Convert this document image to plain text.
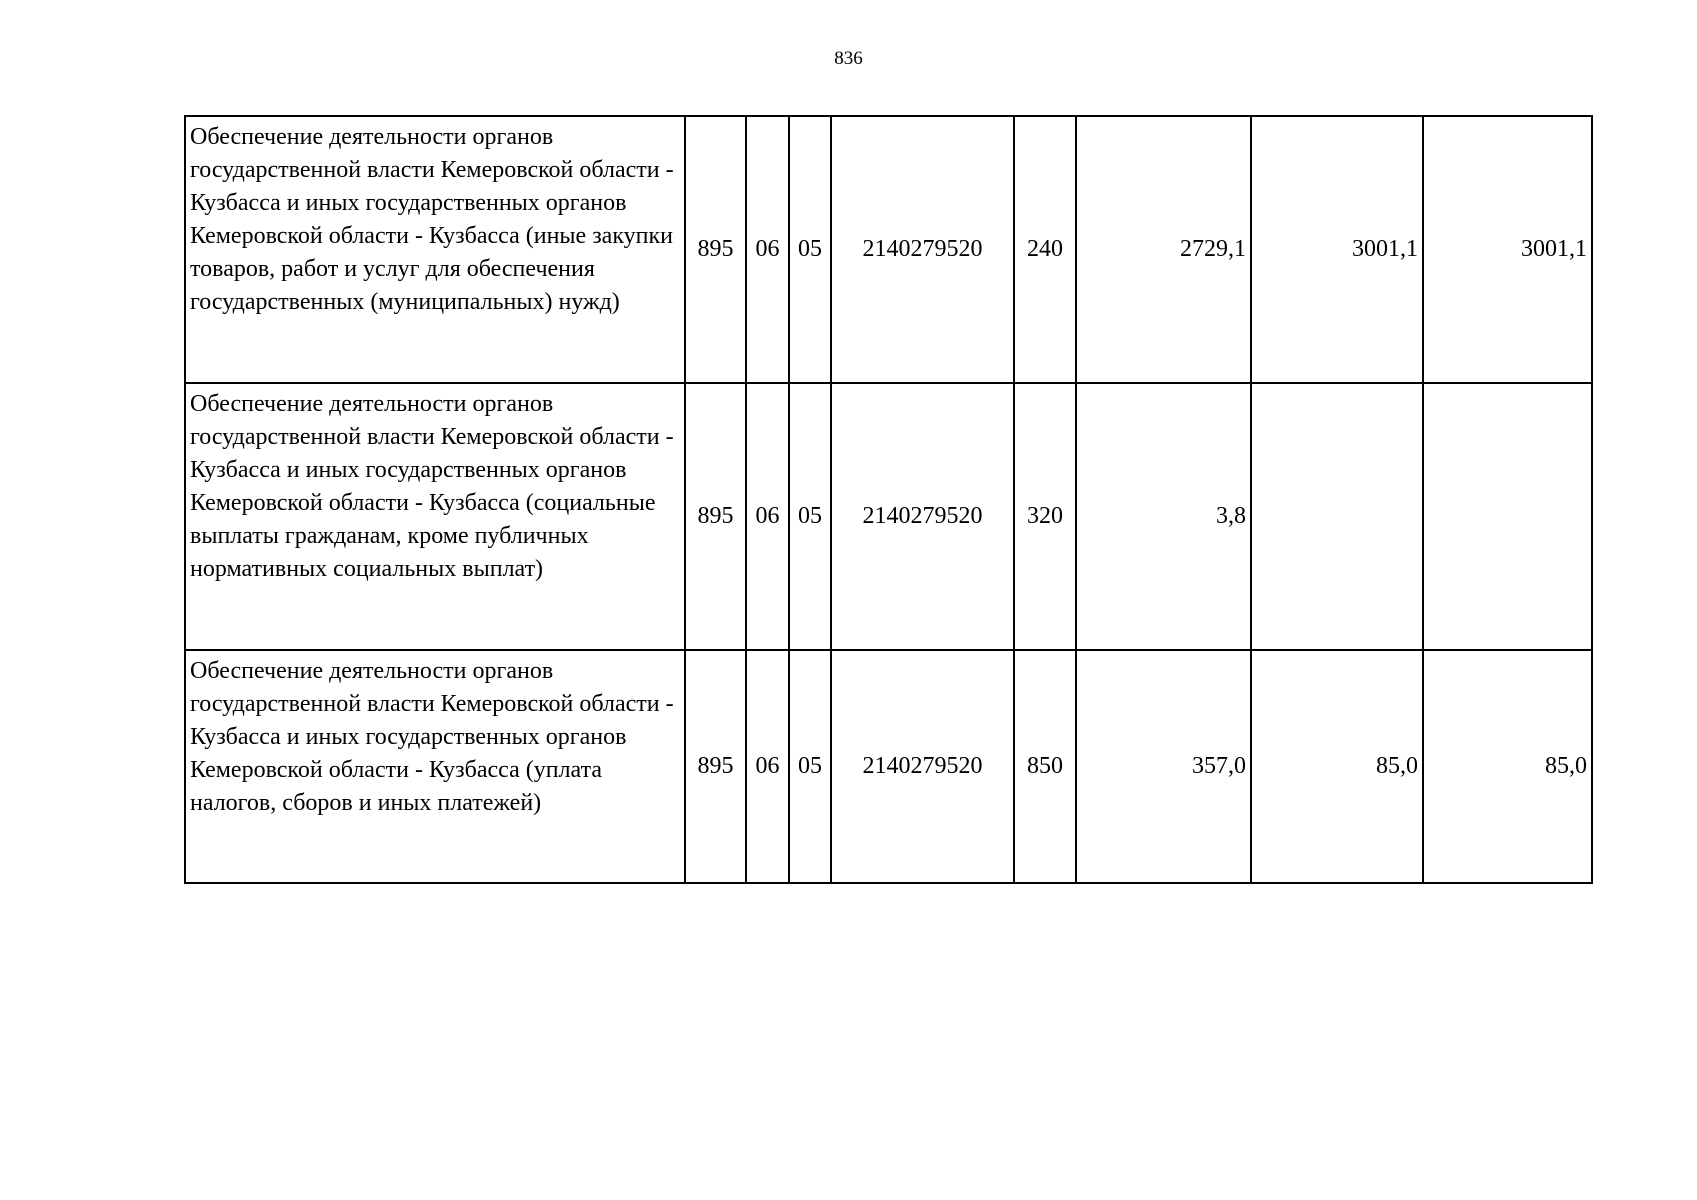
836
Обеспечение деятельности органов государственной власти Кемеровской области - Кузбасса и иных государственных органов Кемеровской области - Кузбасса (иные закупки товаров, работ и услуг для обеспечения государственных (муниципальных) нужд)	895	06	05	2140279520	240	2729,1	3001,1	3001,1
Обеспечение деятельности органов государственной власти Кемеровской области - Кузбасса и иных государственных органов Кемеровской области - Кузбасса (социальные выплаты гражданам, кроме публичных нормативных социальных выплат)	895	06	05	2140279520	320	3,8		
Обеспечение деятельности органов государственной власти Кемеровской области - Кузбасса и иных государственных органов Кемеровской области - Кузбасса (уплата налогов, сборов и иных платежей)	895	06	05	2140279520	850	357,0	85,0	85,0
